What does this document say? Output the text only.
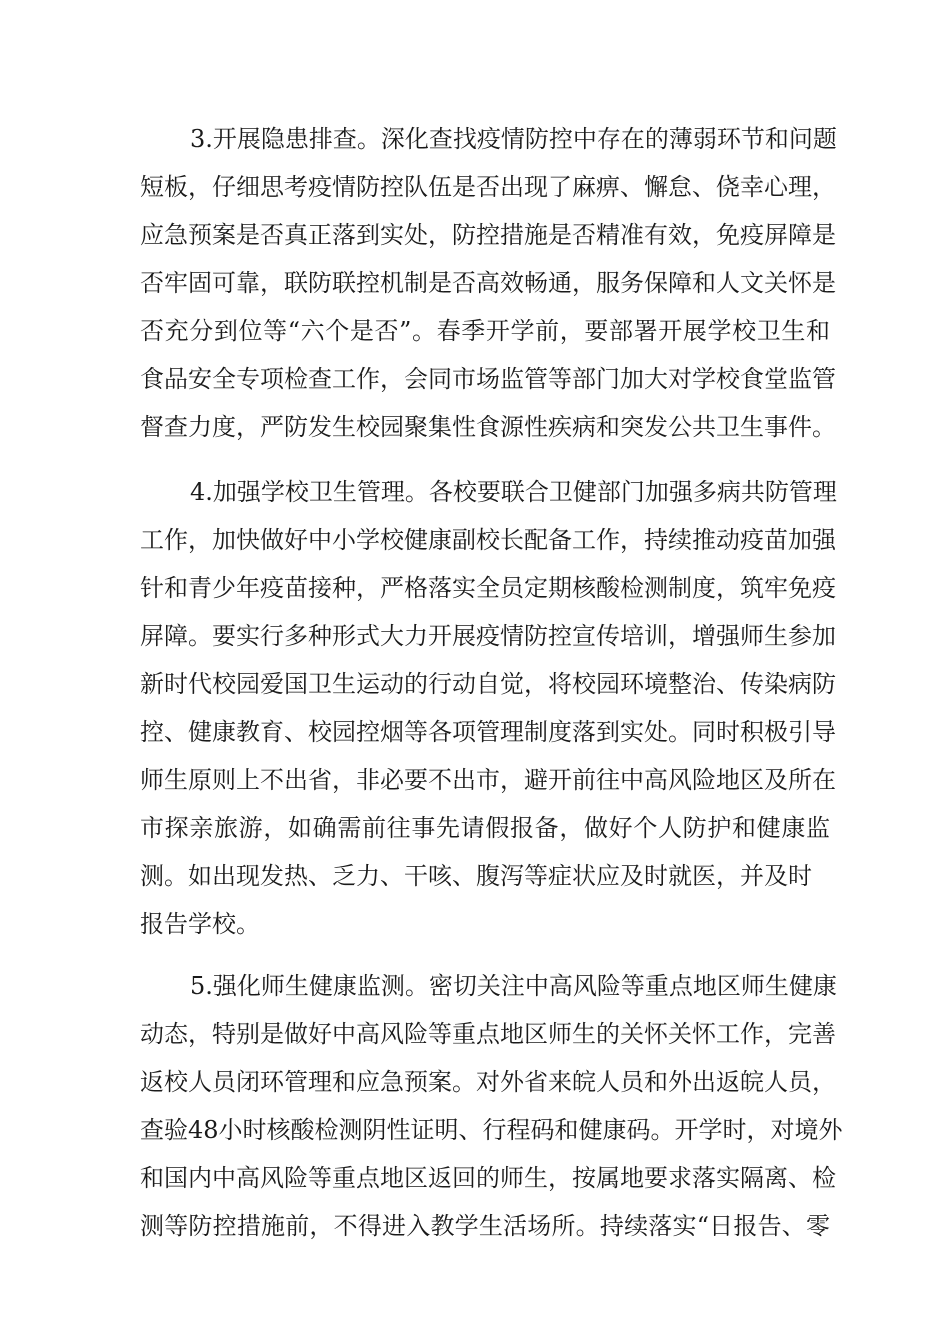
3.开展隐患排查。深化查找疫情防控中存在的薄弱环节和问题
短板，仔细思考疫情防控队伍是否出现了麻痹、懈怠、侥幸心理，
应急预案是否真正落到实处，防控措施是否精准有效，免疫屏障是
否牢固可靠，联防联控机制是否高效畅通，服务保障和人文关怀是
否充分到位等“六个是否”。春季开学前，要部署开展学校卫生和
食品安全专项检查工作，会同市场监管等部门加大对学校食堂监管
督查力度，严防发生校园聚集性食源性疾病和突发公共卫生事件。
4.加强学校卫生管理。各校要联合卫健部门加强多病共防管理
工作，加快做好中小学校健康副校长配备工作，持续推动疫苗加强
针和青少年疫苗接种，严格落实全员定期核酸检测制度，筑牢免疫
屏障。要实行多种形式大力开展疫情防控宣传培训，增强师生参加
新时代校园爱国卫生运动的行动自觉，将校园环境整治、传染病防
控、健康教育、校园控烟等各项管理制度落到实处。同时积极引导
师生原则上不出省，非必要不出市，避开前往中高风险地区及所在
市探亲旅游，如确需前往事先请假报备，做好个人防护和健康监
测。如出现发热、乏力、干咳、腹泻等症状应及时就医，并及时
报告学校。
5.强化师生健康监测。密切关注中高风险等重点地区师生健康
动态，特别是做好中高风险等重点地区师生的关怀关怀工作，完善
返校人员闭环管理和应急预案。对外省来皖人员和外出返皖人员，
查验48小时核酸检测阴性证明、行程码和健康码。开学时，对境外
和国内中高风险等重点地区返回的师生，按属地要求落实隔离、检
测等防控措施前，不得进入教学生活场所。持续落实“日报告、零
